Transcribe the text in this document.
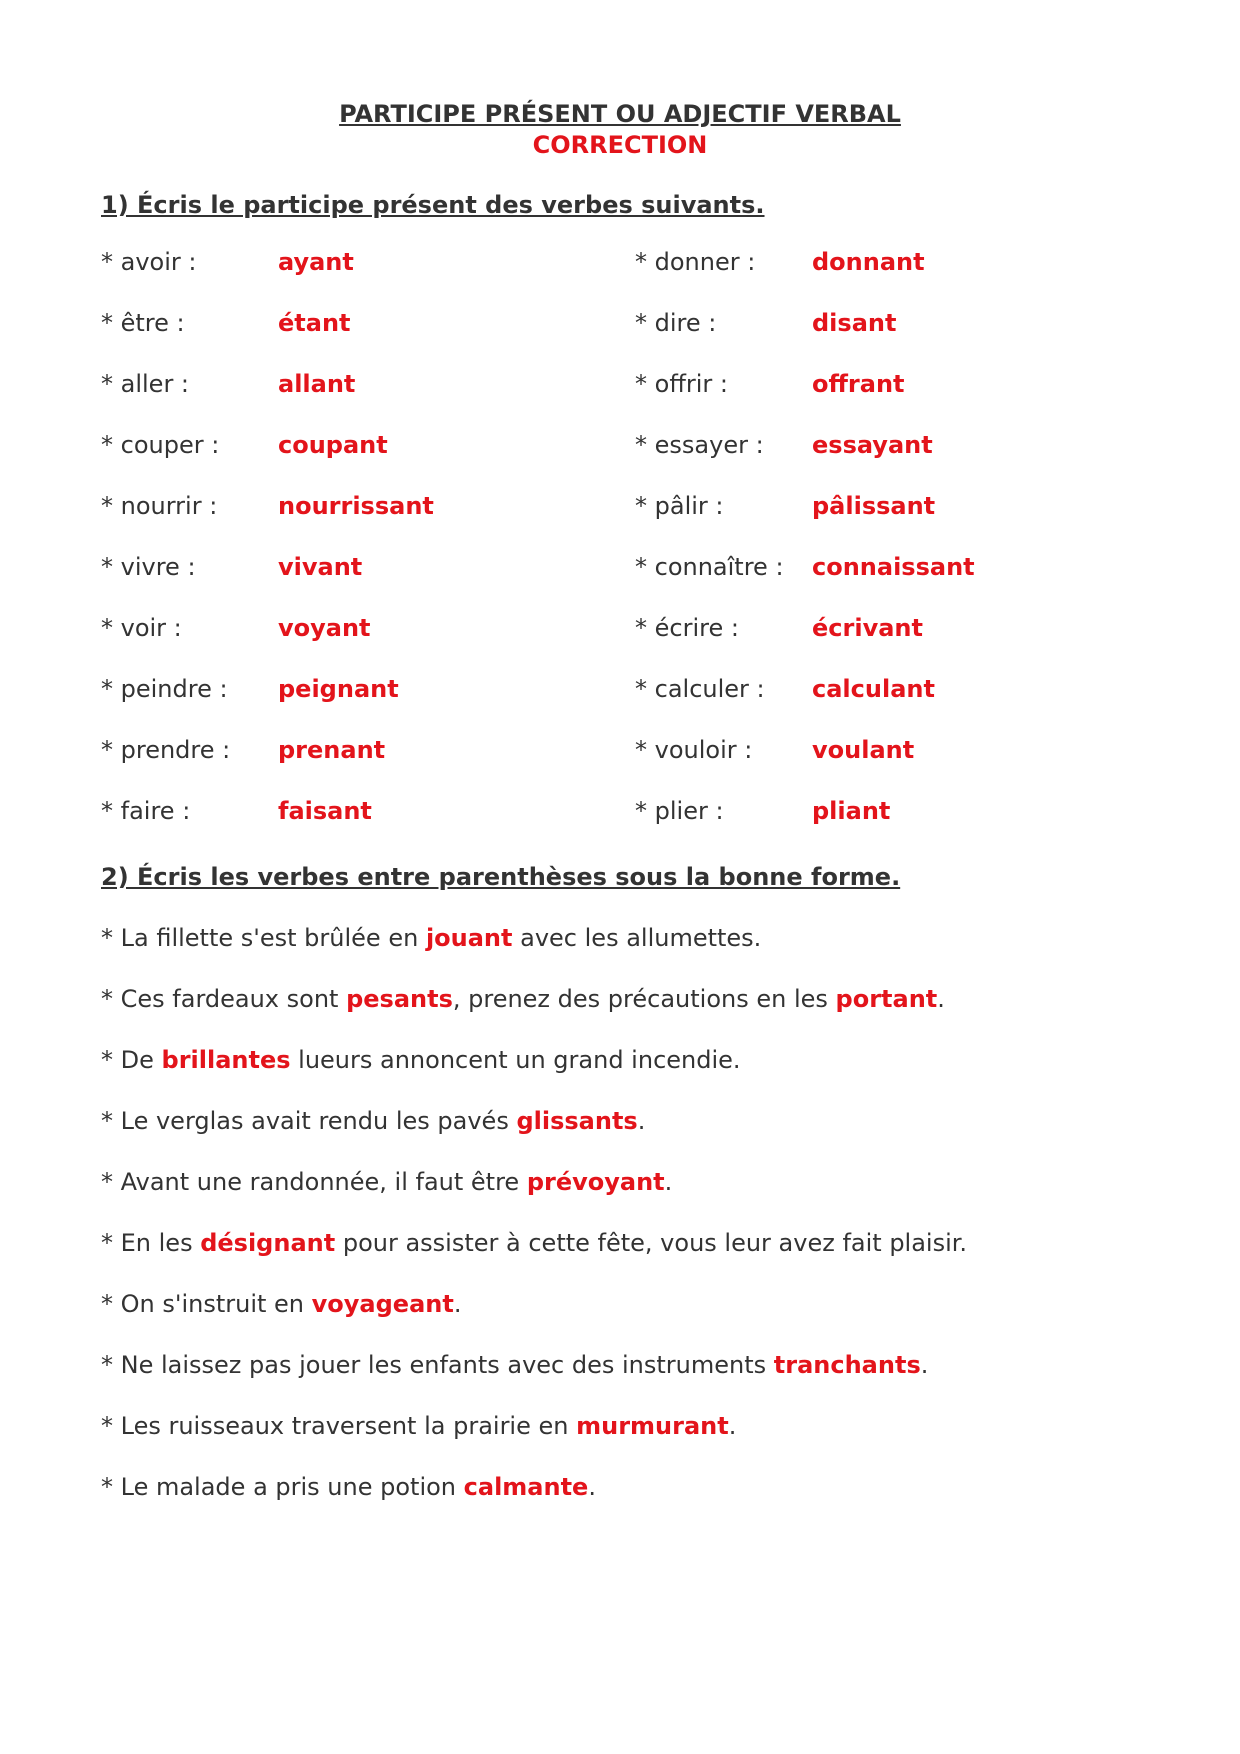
PARTICIPE PRÉSENT OU ADJECTIF VERBAL
CORRECTION
1) Écris le participe présent des verbes suivants.
* avoir :	ayant	* donner :	donnant
* être :	étant	* dire :	disant
* aller :	allant	* offrir :	offrant
* couper :	coupant	* essayer :	essayant
* nourrir :	nourrissant	* pâlir :	pâlissant
* vivre :	vivant	* connaître :	connaissant
* voir :	voyant	* écrire :	écrivant
* peindre :	peignant	* calculer :	calculant
* prendre :	prenant	* vouloir :	voulant
* faire :	faisant	* plier :	pliant
2) Écris les verbes entre parenthèses sous la bonne forme.
* La fillette s'est brûlée en jouant avec les allumettes.
* Ces fardeaux sont pesants, prenez des précautions en les portant.
* De brillantes lueurs annoncent un grand incendie.
* Le verglas avait rendu les pavés glissants.
* Avant une randonnée, il faut être prévoyant.
* En les désignant pour assister à cette fête, vous leur avez fait plaisir.
* On s'instruit en voyageant.
* Ne laissez pas jouer les enfants avec des instruments tranchants.
* Les ruisseaux traversent la prairie en murmurant.
* Le malade a pris une potion calmante.
